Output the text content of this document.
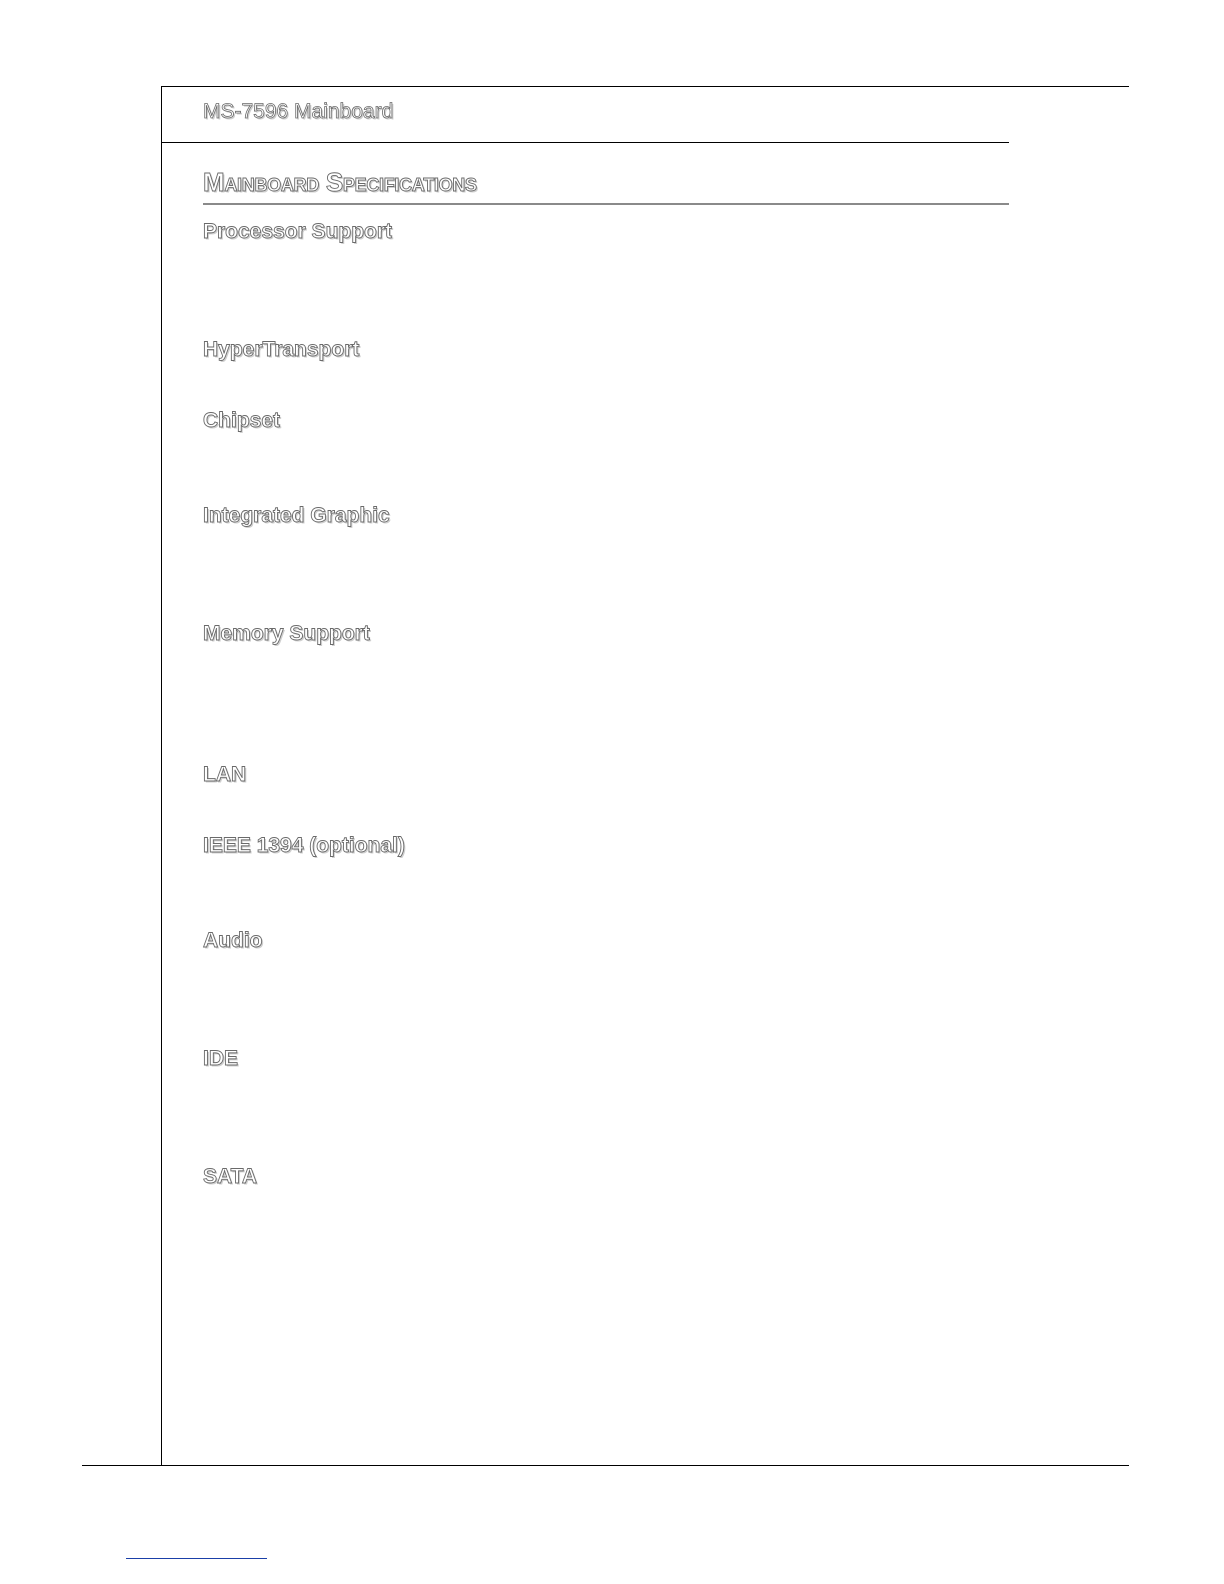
MS-7596 Mainboard
Mainboard Specifications
Processor Support
HyperTransport
Chipset
Integrated Graphic
Memory Support
LAN
IEEE 1394 (optional)
Audio
IDE
SATA
